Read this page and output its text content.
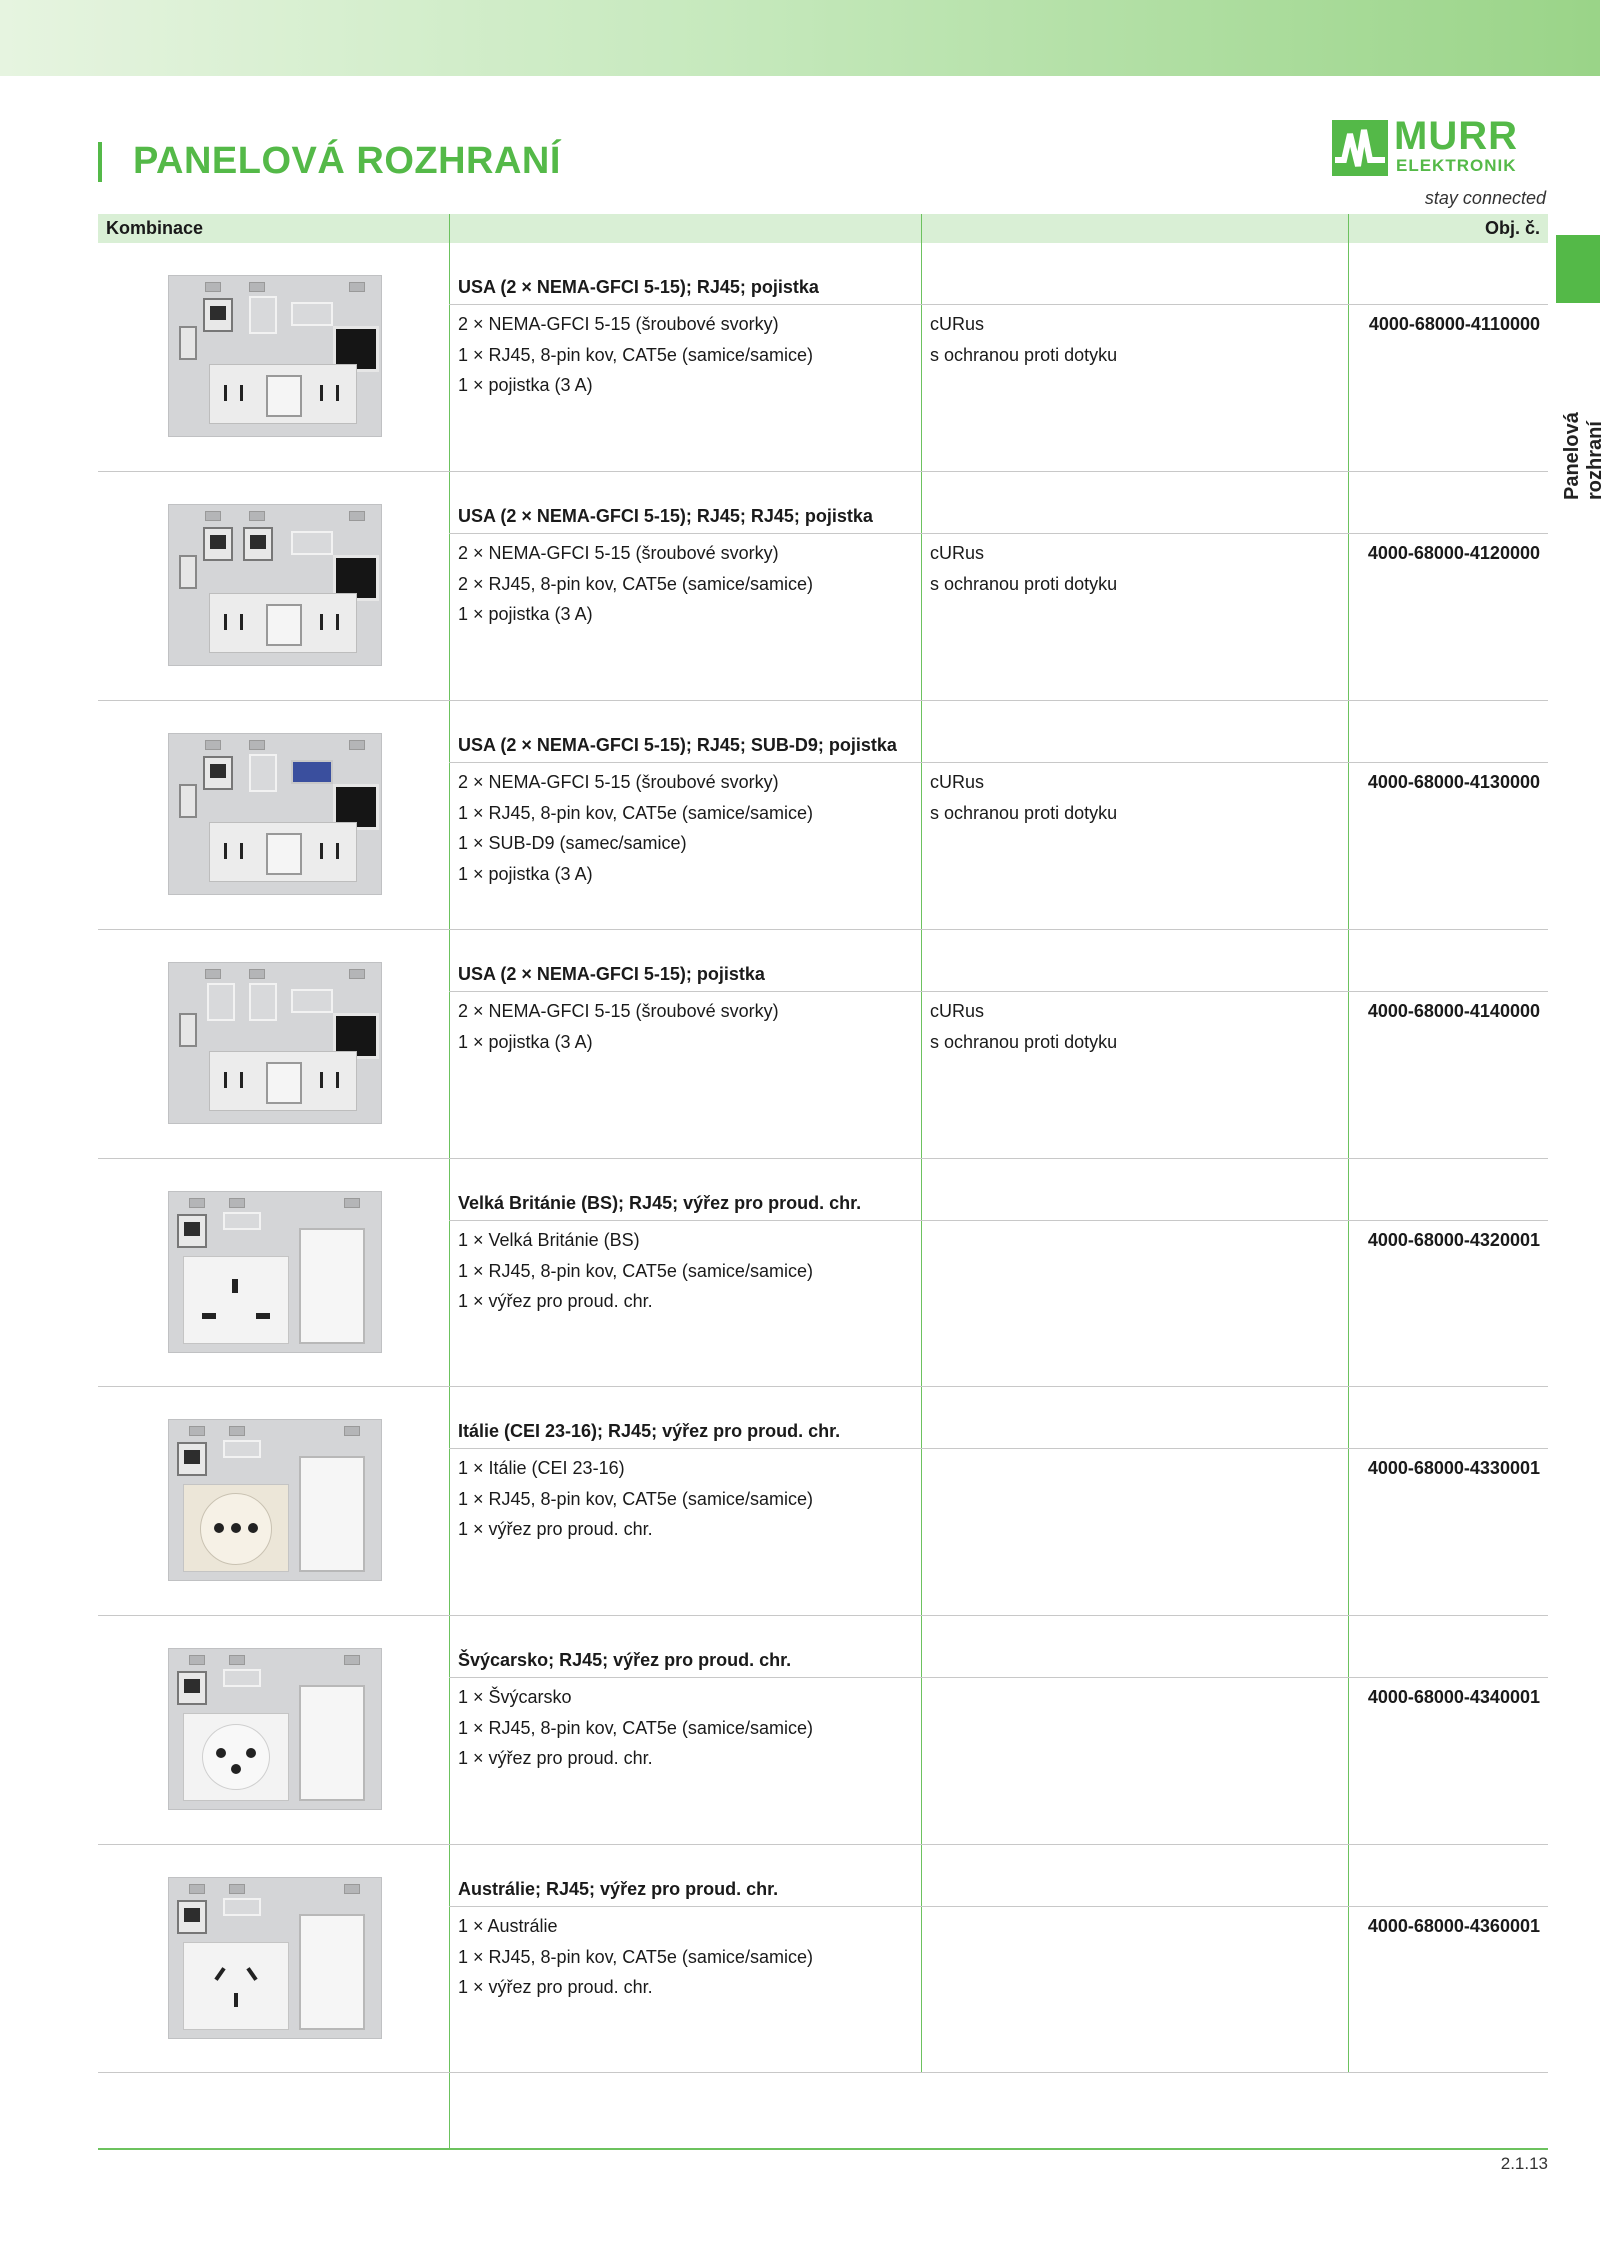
PANELOVÁ ROZHRANÍ
MURR
ELEKTRONIK
stay connected
Panelová rozhraní
Kombinace	Obj. č.
USA (2 × NEMA-GFCI 5-15); RJ45; pojistka
2 × NEMA-GFCI 5-15 (šroubové svorky)
1 × RJ45, 8-pin kov, CAT5e (samice/samice)
1 × pojistka (3 A)
cURus
s ochranou proti dotyku
4000-68000-4110000
USA (2 × NEMA-GFCI 5-15); RJ45; RJ45; pojistka
2 × NEMA-GFCI 5-15 (šroubové svorky)
2 × RJ45, 8-pin kov, CAT5e (samice/samice)
1 × pojistka (3 A)
cURus
s ochranou proti dotyku
4000-68000-4120000
USA (2 × NEMA-GFCI 5-15); RJ45; SUB-D9; pojistka
2 × NEMA-GFCI 5-15 (šroubové svorky)
1 × RJ45, 8-pin kov, CAT5e (samice/samice)
1 × SUB-D9 (samec/samice)
1 × pojistka (3 A)
cURus
s ochranou proti dotyku
4000-68000-4130000
USA (2 × NEMA-GFCI 5-15); pojistka
2 × NEMA-GFCI 5-15 (šroubové svorky)
1 × pojistka (3 A)
cURus
s ochranou proti dotyku
4000-68000-4140000
Velká Británie (BS); RJ45; výřez pro proud. chr.
1 × Velká Británie (BS)
1 × RJ45, 8-pin kov, CAT5e (samice/samice)
1 × výřez pro proud. chr.
4000-68000-4320001
Itálie (CEI 23-16); RJ45; výřez pro proud. chr.
1 × Itálie (CEI 23-16)
1 × RJ45, 8-pin kov, CAT5e (samice/samice)
1 × výřez pro proud. chr.
4000-68000-4330001
Švýcarsko; RJ45; výřez pro proud. chr.
1 × Švýcarsko
1 × RJ45, 8-pin kov, CAT5e (samice/samice)
1 × výřez pro proud. chr.
4000-68000-4340001
Austrálie; RJ45; výřez pro proud. chr.
1 × Austrálie
1 × RJ45, 8-pin kov, CAT5e (samice/samice)
1 × výřez pro proud. chr.
4000-68000-4360001
2.1.13
